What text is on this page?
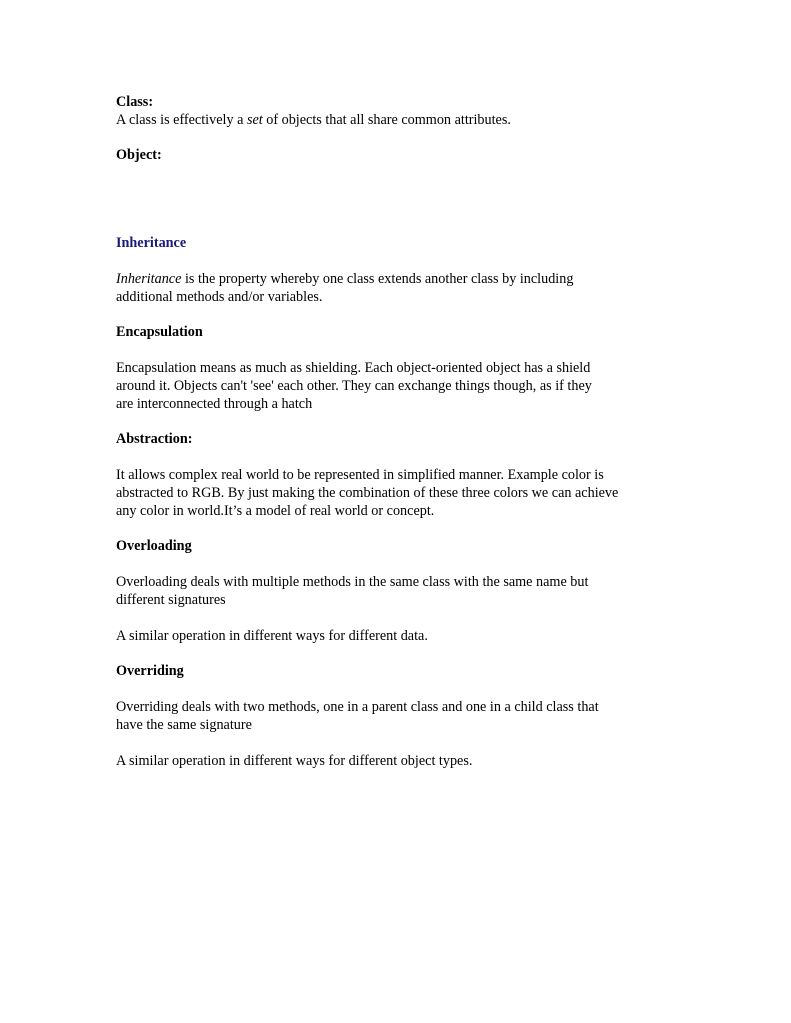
Class:

A class is effectively a set of objects that all share common attributes.

Object:

Inheritance

Inheritance is the property whereby one class extends another class by including

additional methods and/or variables.

Encapsulation

Encapsulation means as much as shielding. Each object-oriented object has a shield

around it. Objects can't 'see' each other. They can exchange things though, as if they

are interconnected through a hatch

Abstraction:

It allows complex real world to be represented in simplified manner. Example color is

abstracted to RGB. By just making the combination of these three colors we can achieve

any color in world.It’s a model of real world or concept.

Overloading

Overloading deals with multiple methods in the same class with the same name but

different signatures

A similar operation in different ways for different data.

Overriding

Overriding deals with two methods, one in a parent class and one in a child class that

have the same signature

A similar operation in different ways for different object types.
